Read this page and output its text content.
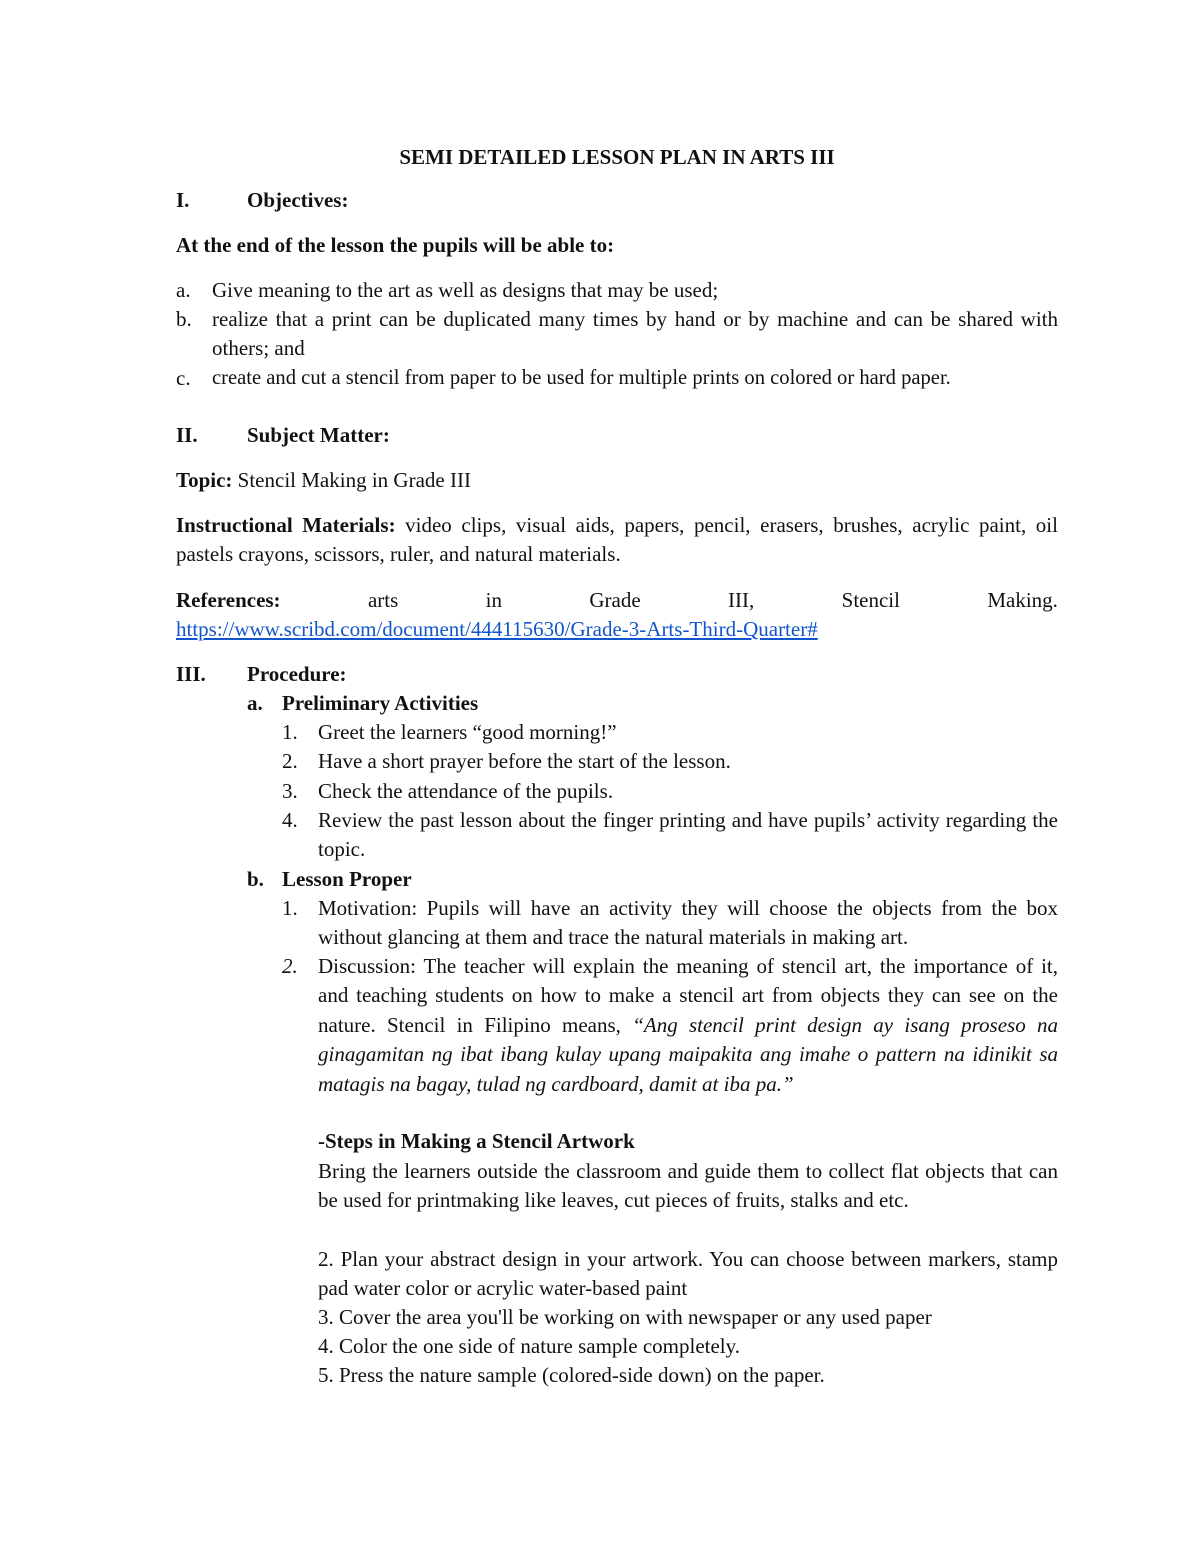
SEMI DETAILED LESSON PLAN IN ARTS III
I.	Objectives:
At the end of the lesson the pupils will be able to:
a. Give meaning to the art as well as designs that may be used;
b. realize that a print can be duplicated many times by hand or by machine and can be shared with others; and
c. create and cut a stencil from paper to be used for multiple prints on colored or hard paper.
II. Subject Matter:
Topic: Stencil Making in Grade III
Instructional Materials: video clips, visual aids, papers, pencil, erasers, brushes, acrylic paint, oil pastels crayons, scissors, ruler, and natural materials.
References:	arts	in	Grade	III,	Stencil	Making.
https://www.scribd.com/document/444115630/Grade-3-Arts-Third-Quarter#
III. Procedure:
a. Preliminary Activities
1. Greet the learners “good morning!”
2. Have a short prayer before the start of the lesson.
3. Check the attendance of the pupils.
4. Review the past lesson about the finger printing and have pupils’ activity regarding the topic.
b. Lesson Proper
1. Motivation: Pupils will have an activity they will choose the objects from the box without glancing at them and trace the natural materials in making art.
2. Discussion: The teacher will explain the meaning of stencil art, the importance of it, and teaching students on how to make a stencil art from objects they can see on the nature. Stencil in Filipino means, “Ang stencil print design ay isang proseso na ginagamitan ng ibat ibang kulay upang maipakita ang imahe o pattern na idinikit sa matagis na bagay, tulad ng cardboard, damit at iba pa.”
-Steps in Making a Stencil Artwork
Bring the learners outside the classroom and guide them to collect flat objects that can be used for printmaking like leaves, cut pieces of fruits, stalks and etc.
2. Plan your abstract design in your artwork. You can choose between markers, stamp pad water color or acrylic water-based paint
3. Cover the area you'll be working on with newspaper or any used paper
4. Color the one side of nature sample completely.
5. Press the nature sample (colored-side down) on the paper.
